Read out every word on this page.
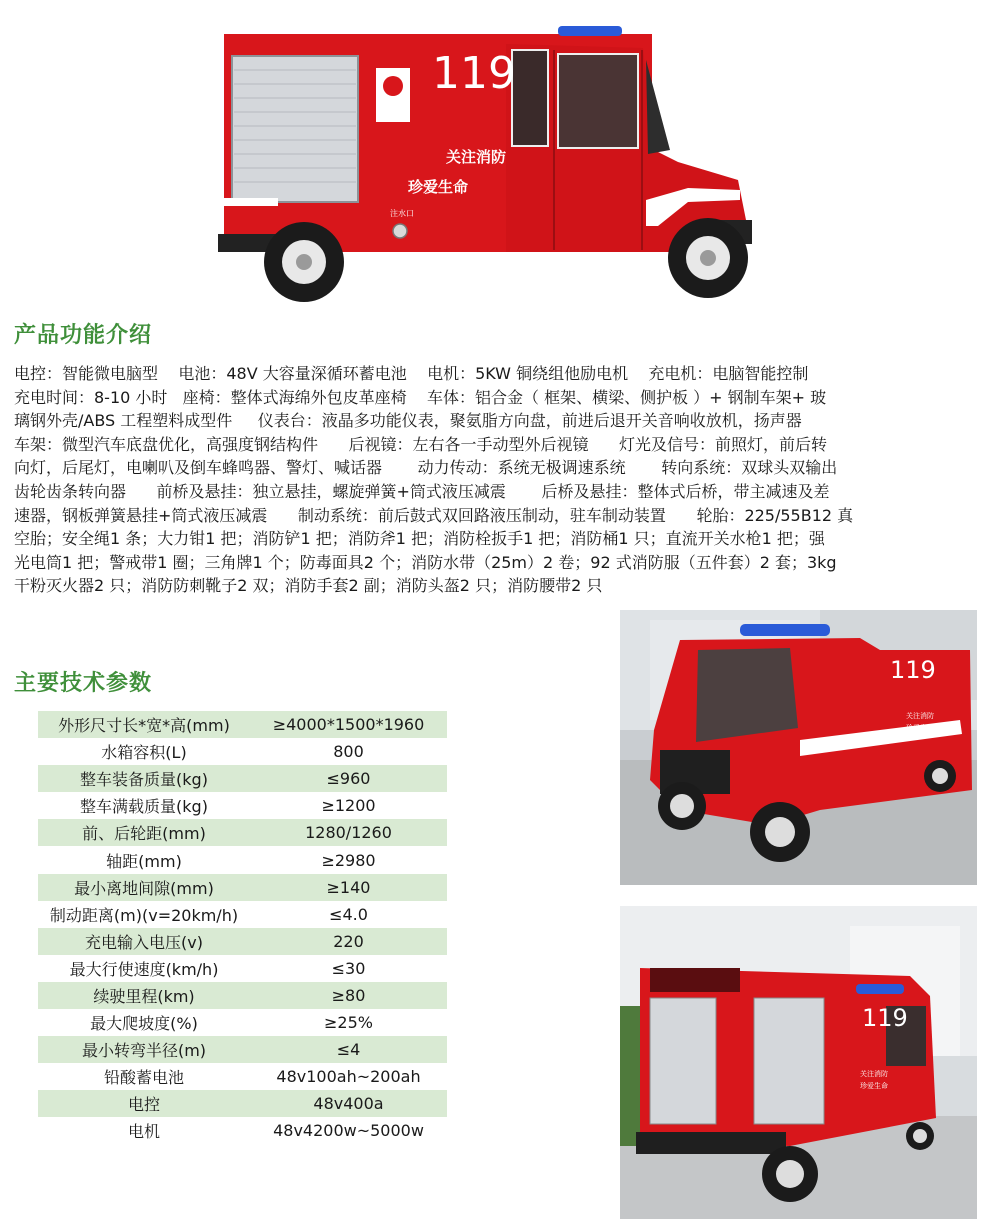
119
关注消防
珍爱生命
注水口
产品功能介绍
电控：智能微电脑型    电池：48V 大容量深循环蓄电池    电机：5KW 铜绕组他励电机    充电机：电脑智能控制
充电时间：8-10 小时   座椅：整体式海绵外包皮革座椅    车体：铝合金（ 框架、横梁、侧护板 ）+ 钢制车架+ 玻
璃钢外壳/ABS 工程塑料成型件     仪表台：液晶多功能仪表，聚氨脂方向盘，前进后退开关音响收放机，扬声器
车架：微型汽车底盘优化，高强度钢结构件      后视镜：左右各一手动型外后视镜      灯光及信号：前照灯，前后转
向灯，后尾灯，电喇叭及倒车蜂鸣器、警灯、喊话器       动力传动：系统无极调速系统       转向系统：双球头双输出
齿轮齿条转向器      前桥及悬挂：独立悬挂，螺旋弹簧+筒式液压减震       后桥及悬挂：整体式后桥，带主减速及差
速器，钢板弹簧悬挂+筒式液压减震      制动系统：前后鼓式双回路液压制动，驻车制动装置      轮胎：225/55B12 真
空胎；安全绳1 条；大力钳1 把；消防铲1 把；消防斧1 把；消防栓扳手1 把；消防桶1 只；直流开关水枪1 把；强
光电筒1 把；警戒带1 圈；三角牌1 个；防毒面具2 个；消防水带（25m）2 卷；92 式消防服（五件套）2 套；3kg
干粉灭火器2 只；消防防刺靴子2 双；消防手套2 副；消防头盔2 只；消防腰带2 只
主要技术参数
外形尺寸长*宽*高(mm)	≥4000*1500*1960
水箱容积(L)	800
整车装备质量(kg)	≤960
整车满载质量(kg)	≥1200
前、后轮距(mm)	1280/1260
轴距(mm)	≥2980
最小离地间隙(mm)	≥140
制动距离(m)(v=20km/h)	≤4.0
充电输入电压(v)	220
最大行使速度(km/h)	≤30
续驶里程(km)	≥80
最大爬坡度(%)	≥25%
最小转弯半径(m)	≤4
铅酸蓄电池	48v100ah~200ah
电控	48v400a
电机	48v4200w~5000w
119
关注消防
珍爱生命
119
关注消防
珍爱生命
